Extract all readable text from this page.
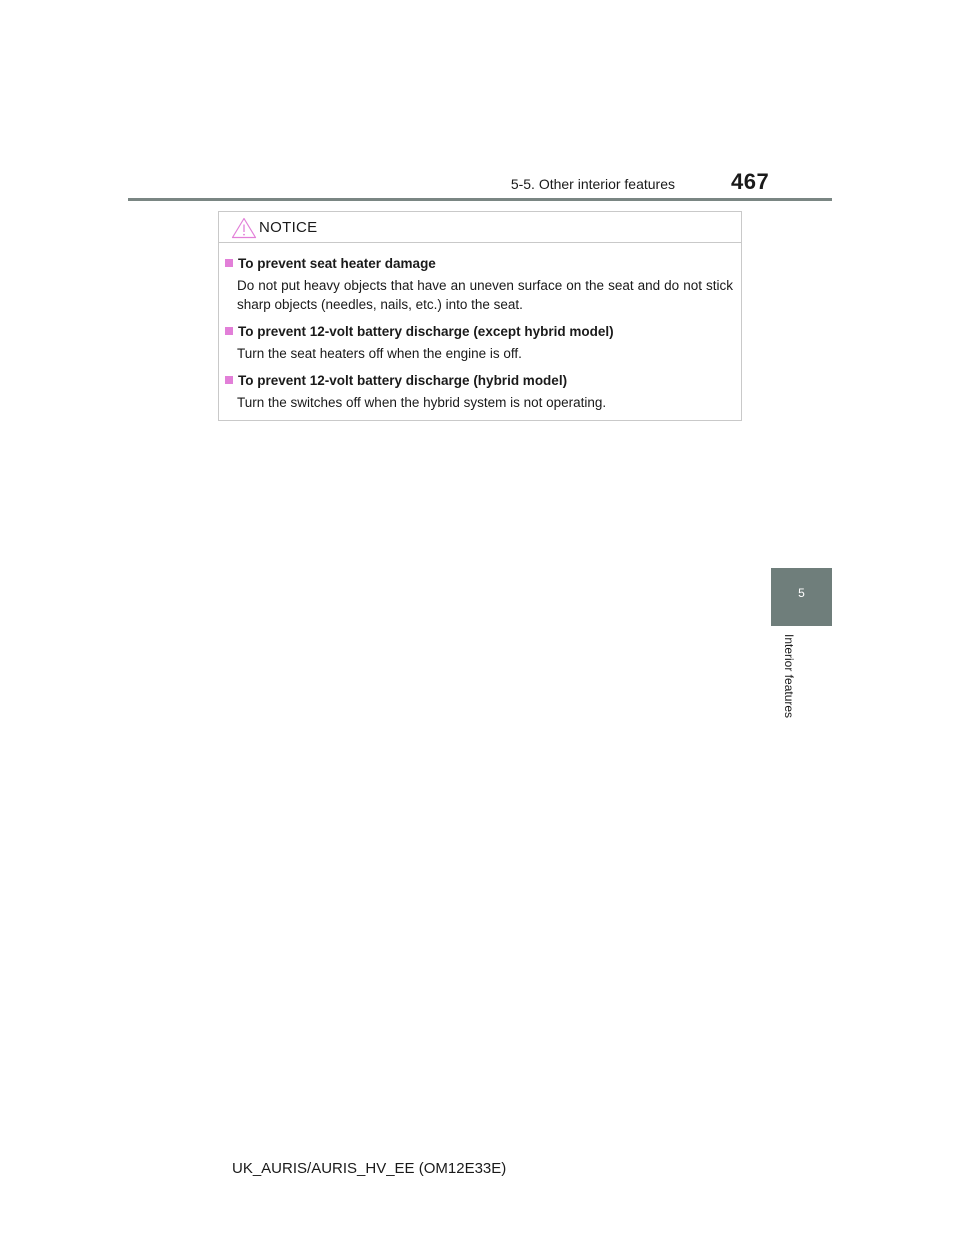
5-5. Other interior features	467
5
Interior features
NOTICE
To prevent seat heater damage
Do not put heavy objects that have an uneven surface on the seat and do not stick sharp objects (needles, nails, etc.) into the seat.
To prevent 12-volt battery discharge (except hybrid model)
Turn the seat heaters off when the engine is off.
To prevent 12-volt battery discharge (hybrid model)
Turn the switches off when the hybrid system is not operating.
UK_AURIS/AURIS_HV_EE (OM12E33E)
